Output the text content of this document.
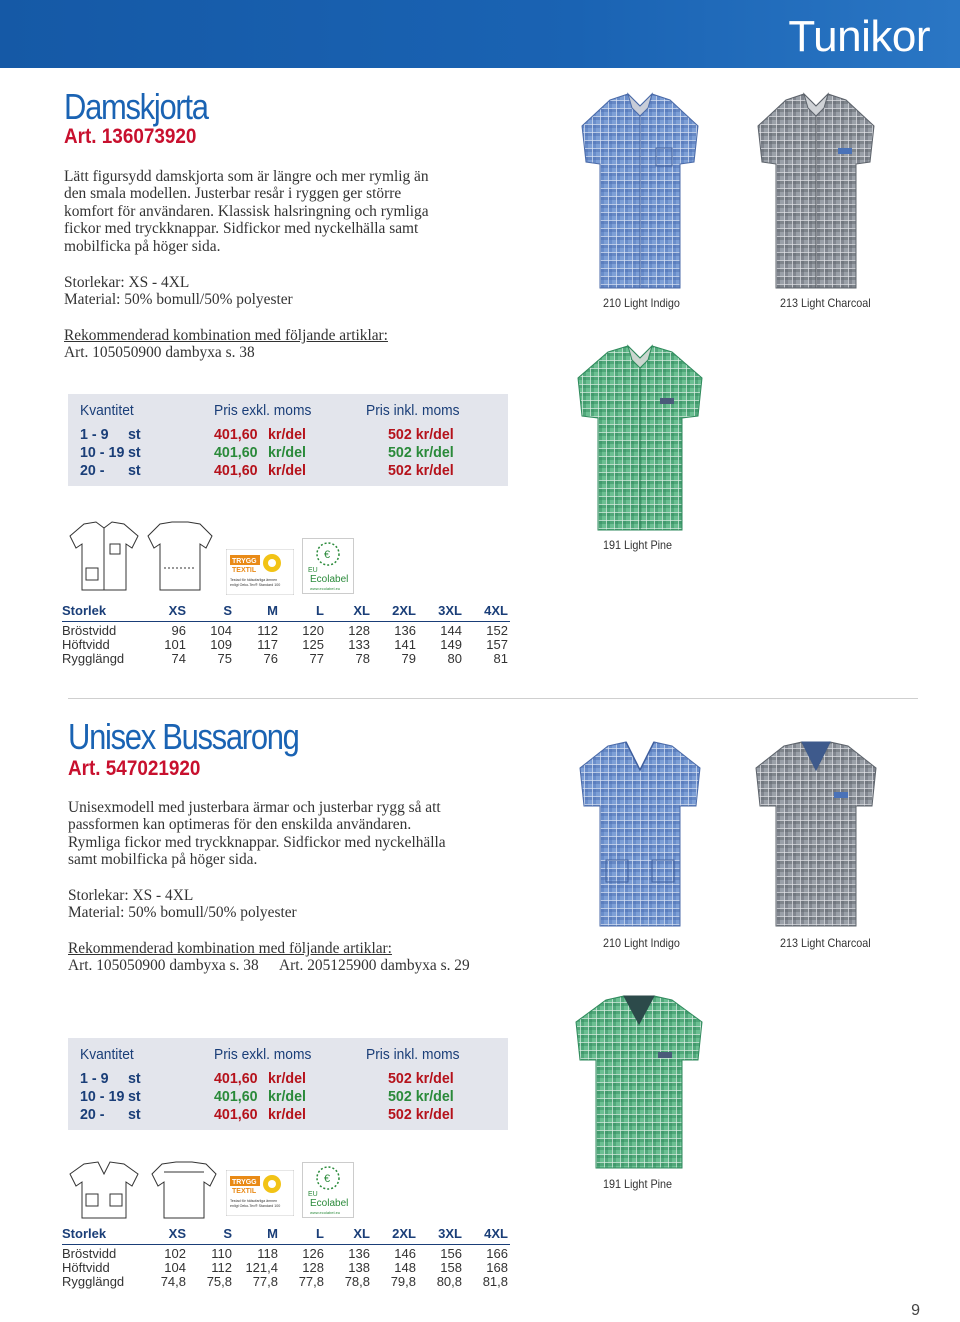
Tunikor
Damskjorta
Art. 136073920
Lätt figursydd damskjorta som är längre och mer rymlig än
den smala modellen. Justerbar resår i ryggen ger större
komfort för användaren. Klassisk halsringning och rymliga
fickor med tryckknappar. Sidfickor med nyckelhälla samt
mobilficka på höger sida.
Storlekar: XS - 4XL
Material: 50% bomull/50% polyester
Rekommenderad kombination med följande artiklar:
Art. 105050900 dambyxa s. 38
Kvantitet	Pris exkl. moms	Pris inkl. moms
1 - 9 st	401,60 kr/del	502 kr/del
10 - 19 st	401,60 kr/del	502 kr/del
20 - st	401,60 kr/del	502 kr/del
TRYGG
TEXTIL
Testad för hälsofarliga ämnen
enligt Oeko-Tex® Standard 100
€
EU
Ecolabel
www.ecolabel.eu
Storlek	XS	S	M	L	XL	2XL	3XL	4XL
Bröstvidd	96	104	112	120	128	136	144	152
Höftvidd	101	109	117	125	133	141	149	157
Rygglängd	74	75	76	77	78	79	80	81
210 Light Indigo	213 Light Charcoal
191 Light Pine
Unisex Bussarong
Art. 547021920
Unisexmodell med justerbara ärmar och justerbar rygg så att
passformen kan optimeras för den enskilda användaren.
Rymliga fickor med tryckknappar. Sidfickor med nyckelhälla
samt mobilficka på höger sida.
Storlekar: XS - 4XL
Material: 50% bomull/50% polyester
Rekommenderad kombination med följande artiklar:
Art. 105050900 dambyxa s. 38 Art. 205125900 dambyxa s. 29
Kvantitet	Pris exkl. moms	Pris inkl. moms
1 - 9 st	401,60 kr/del	502 kr/del
10 - 19 st	401,60 kr/del	502 kr/del
20 - st	401,60 kr/del	502 kr/del
TRYGG
TEXTIL
Testad för hälsofarliga ämnen
enligt Oeko-Tex® Standard 100
€
EU
Ecolabel
www.ecolabel.eu
Storlek	XS	S	M	L	XL	2XL	3XL	4XL
Bröstvidd	102	110	118	126	136	146	156	166
Höftvidd	104	112	121,4	128	138	148	158	168
Rygglängd	74,8	75,8	77,8	77,8	78,8	79,8	80,8	81,8
210 Light Indigo	213 Light Charcoal
191 Light Pine
9
